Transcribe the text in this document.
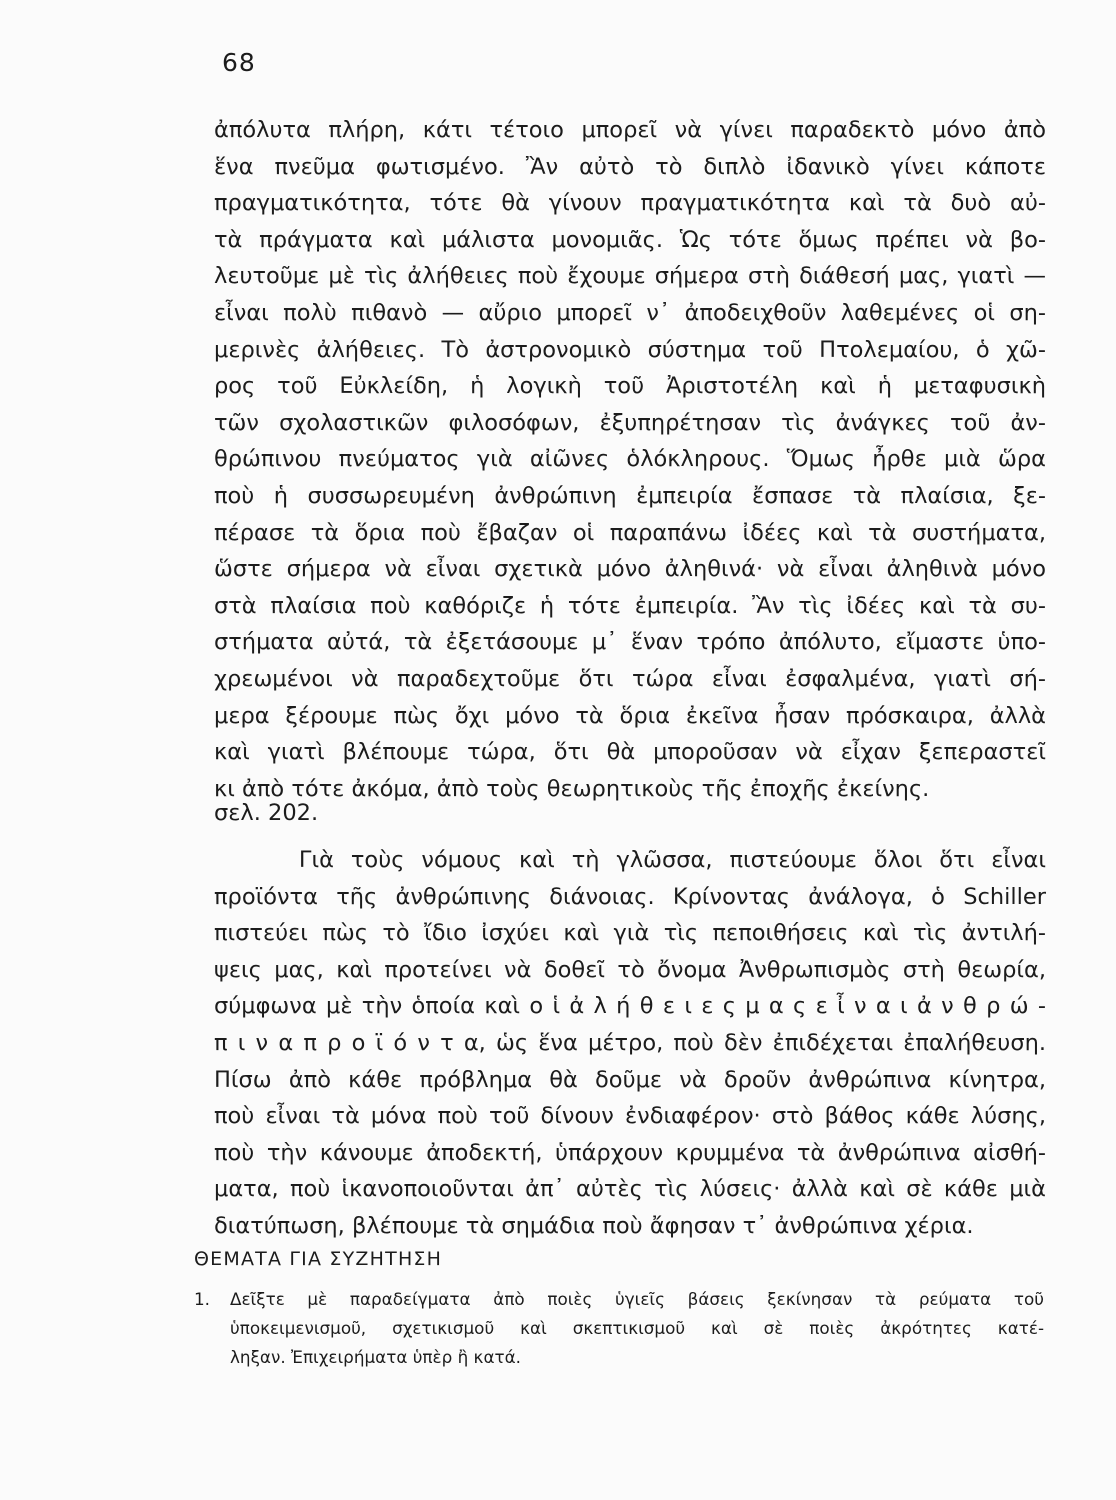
68
ἀπόλυτα πλήρη, κάτι τέτοιο μπορεῖ νὰ γίνει παραδεκτὸ μόνο ἀπὸ
ἕνα πνεῦμα φωτισμένο. Ἂν αὐτὸ τὸ διπλὸ ἰδανικὸ γίνει κάποτε
πραγματικότητα, τότε θὰ γίνουν πραγματικότητα καὶ τὰ δυὸ αὐ-
τὰ πράγματα καὶ μάλιστα μονομιᾶς. Ὡς τότε ὅμως πρέπει νὰ βο-
λευτοῦμε μὲ τὶς ἀλήθειες ποὺ ἔχουμε σήμερα στὴ διάθεσή μας, γιατὶ —
εἶναι πολὺ πιθανὸ — αὔριο μπορεῖ ν᾽ ἀποδειχθοῦν λαθεμένες οἱ ση-
μερινὲς ἀλήθειες. Τὸ ἀστρονομικὸ σύστημα τοῦ Πτολεμαίου, ὁ χῶ-
ρος τοῦ Εὐκλείδη, ἡ λογικὴ τοῦ Ἀριστοτέλη καὶ ἡ μεταφυσικὴ
τῶν σχολαστικῶν φιλοσόφων, ἐξυπηρέτησαν τὶς ἀνάγκες τοῦ ἀν-
θρώπινου πνεύματος γιὰ αἰῶνες ὁλόκληρους. Ὅμως ἦρθε μιὰ ὥρα
ποὺ ἡ συσσωρευμένη ἀνθρώπινη ἐμπειρία ἔσπασε τὰ πλαίσια, ξε-
πέρασε τὰ ὅρια ποὺ ἔβαζαν οἱ παραπάνω ἰδέες καὶ τὰ συστήματα,
ὥστε σήμερα νὰ εἶναι σχετικὰ μόνο ἀληθινά· νὰ εἶναι ἀληθινὰ μόνο
στὰ πλαίσια ποὺ καθόριζε ἡ τότε ἐμπειρία. Ἂν τὶς ἰδέες καὶ τὰ συ-
στήματα αὐτά, τὰ ἐξετάσουμε μ᾽ ἕναν τρόπο ἀπόλυτο, εἴμαστε ὑπο-
χρεωμένοι νὰ παραδεχτοῦμε ὅτι τώρα εἶναι ἐσφαλμένα, γιατὶ σή-
μερα ξέρουμε πὼς ὄχι μόνο τὰ ὅρια ἐκεῖνα ἦσαν πρόσκαιρα, ἀλλὰ
καὶ γιατὶ βλέπουμε τώρα, ὅτι θὰ μποροῦσαν νὰ εἶχαν ξεπεραστεῖ
κι ἀπὸ τότε ἀκόμα, ἀπὸ τοὺς θεωρητικοὺς τῆς ἐποχῆς ἐκείνης.
σελ. 202.
Γιὰ τοὺς νόμους καὶ τὴ γλῶσσα, πιστεύουμε ὅλοι ὅτι εἶναι
προϊόντα τῆς ἀνθρώπινης διάνοιας. Κρίνοντας ἀνάλογα, ὁ Schiller
πιστεύει πὼς τὸ ἴδιο ἰσχύει καὶ γιὰ τὶς πεποιθήσεις καὶ τὶς ἀντιλή-
ψεις μας, καὶ προτείνει νὰ δοθεῖ τὸ ὄνομα Ἀνθρωπισμὸς στὴ θεωρία,
σύμφωνα μὲ τὴν ὁποία καὶ ο ἱ ἀ λ ή θ ε ι ε ς μ α ς ε ἶ ν α ι ἀ ν θ ρ ώ -
π ι ν α π ρ ο ϊ ό ν τ α, ὡς ἕνα μέτρο, ποὺ δὲν ἐπιδέχεται ἐπαλήθευση.
Πίσω ἀπὸ κάθε πρόβλημα θὰ δοῦμε νὰ δροῦν ἀνθρώπινα κίνητρα,
ποὺ εἶναι τὰ μόνα ποὺ τοῦ δίνουν ἐνδιαφέρον· στὸ βάθος κάθε λύσης,
ποὺ τὴν κάνουμε ἀποδεκτή, ὑπάρχουν κρυμμένα τὰ ἀνθρώπινα αἰσθή-
ματα, ποὺ ἱκανοποιοῦνται ἀπ᾽ αὐτὲς τὶς λύσεις· ἀλλὰ καὶ σὲ κάθε μιὰ
διατύπωση, βλέπουμε τὰ σημάδια ποὺ ἄφησαν τ᾽ ἀνθρώπινα χέρια.
ΘΕΜΑΤΑ ΓΙΑ ΣΥΖΗΤΗΣΗ
1. Δεῖξτε μὲ παραδείγματα ἀπὸ ποιὲς ὑγιεῖς βάσεις ξεκίνησαν τὰ ρεύματα τοῦ
ὑποκειμενισμοῦ, σχετικισμοῦ καὶ σκεπτικισμοῦ καὶ σὲ ποιὲς ἀκρότητες κατέ-
ληξαν. Ἐπιχειρήματα ὑπὲρ ἢ κατά.
